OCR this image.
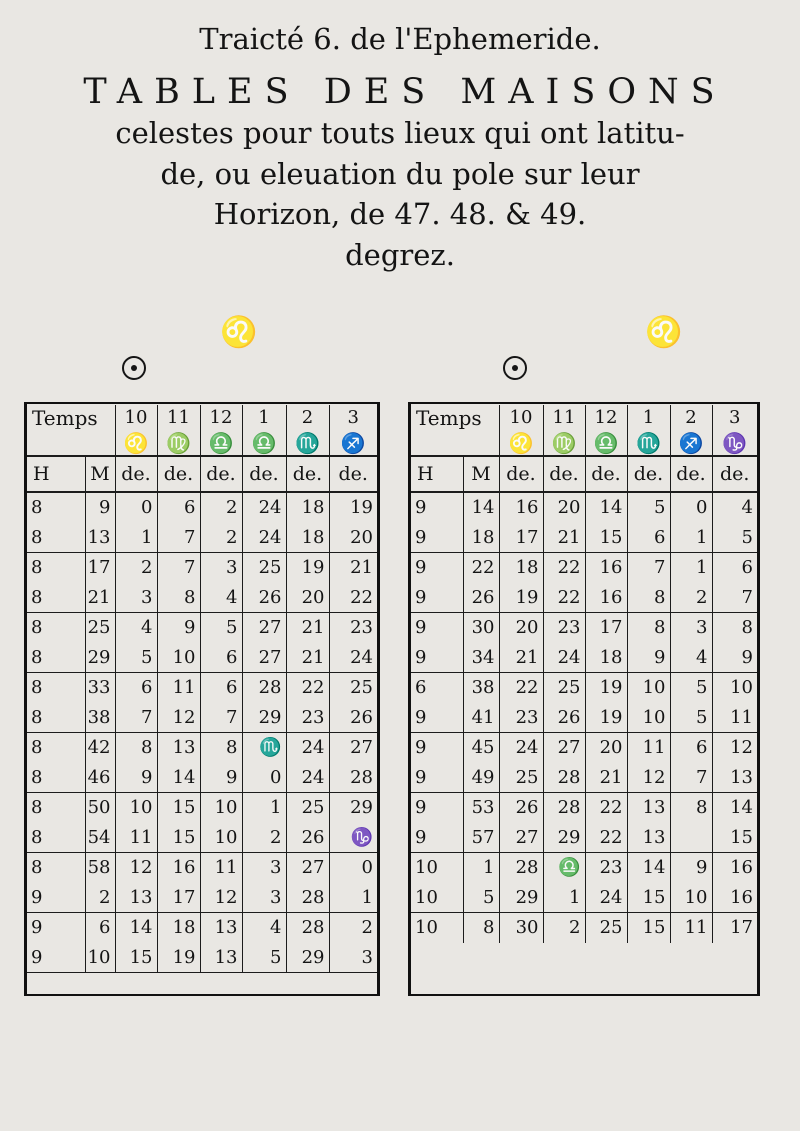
Traicté 6. de l'Ephemeride.
TABLES DES MAISONS
celestes pour touts lieux qui ont latitu-
de, ou eleuation du pole sur leur
Horizon, de 47. 48. & 49.
degrez.
♌	♌
Temps		10	11	12	1	2	3
		♌	♍	♎	♎	♏	♐
H	M	de.	de.	de.	de.	de.	de.
8	9	0	6	2	24	18	19
8	13	1	7	2	24	18	20
8	17	2	7	3	25	19	21
8	21	3	8	4	26	20	22
8	25	4	9	5	27	21	23
8	29	5	10	6	27	21	24
8	33	6	11	6	28	22	25
8	38	7	12	7	29	23	26
8	42	8	13	8	♏	24	27
8	46	9	14	9	0	24	28
8	50	10	15	10	1	25	29
8	54	11	15	10	2	26	♑
8	58	12	16	11	3	27	0
9	2	13	17	12	3	28	1
9	6	14	18	13	4	28	2
9	10	15	19	13	5	29	3
Temps		10	11	12	1	2	3
		♌	♍	♎	♏	♐	♑
H	M	de.	de.	de.	de.	de.	de.
9	14	16	20	14	5	0	4
9	18	17	21	15	6	1	5
9	22	18	22	16	7	1	6
9	26	19	22	16	8	2	7
9	30	20	23	17	8	3	8
9	34	21	24	18	9	4	9
6	38	22	25	19	10	5	10
9	41	23	26	19	10	5	11
9	45	24	27	20	11	6	12
9	49	25	28	21	12	7	13
9	53	26	28	22	13	8	14
9	57	27	29	22	13		15
10	1	28	♎	23	14	9	16
10	5	29	1	24	15	10	16
10	8	30	2	25	15	11	17
